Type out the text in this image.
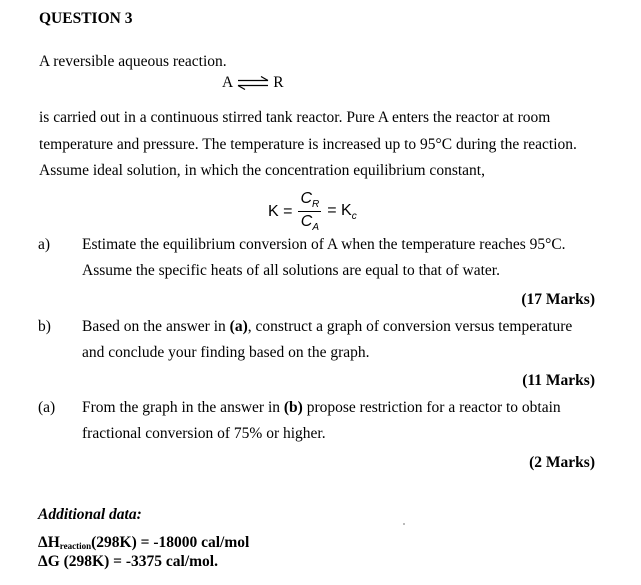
QUESTION 3
A reversible aqueous reaction.
A ⇌ R
is carried out in a continuous stirred tank reactor. Pure A enters the reactor at room
temperature and pressure. The temperature is increased up to 95°C during the reaction.
Assume ideal solution, in which the concentration equilibrium constant,
$K = \frac{C_R}{C_A} = K_c$
a) Estimate the equilibrium conversion of A when the temperature reaches 95°C.
Assume the specific heats of all solutions are equal to that of water.
(17 Marks)
b) Based on the answer in (a), construct a graph of conversion versus temperature
and conclude your finding based on the graph.
(11 Marks)
(a) From the graph in the answer in (b) propose restriction for a reactor to obtain
fractional conversion of 75% or higher.
(2 Marks)
Additional data:
ΔHreaction(298K) = -18000 cal/mol
ΔG (298K) = -3375 cal/mol.
